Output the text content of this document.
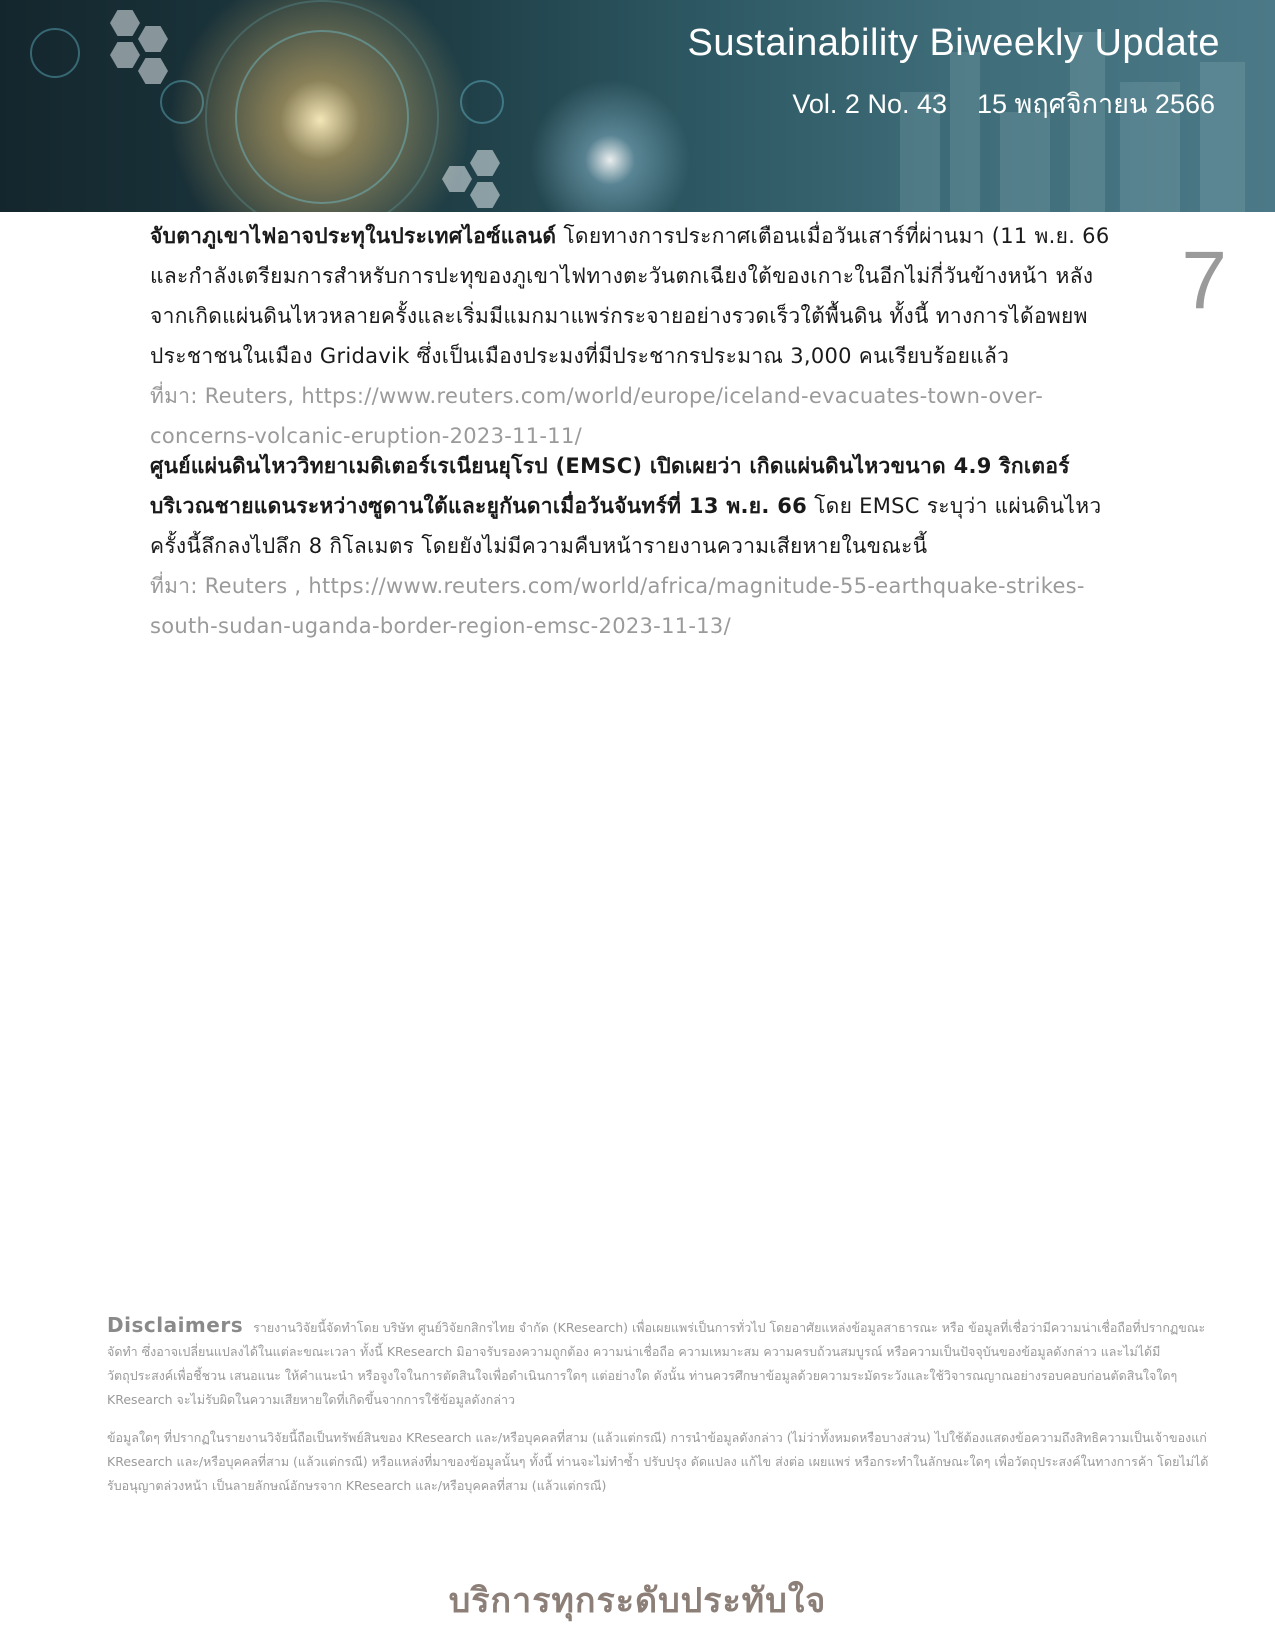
Sustainability Biweekly Update

Vol. 2 No. 43 15 พฤศจิกายน 2566

7

จับตาภูเขาไฟอาจประทุในประเทศไอซ์แลนด์ โดยทางการประกาศเตือนเมื่อวันเสาร์ที่ผ่านมา (11 พ.ย. 66 และกำลังเตรียมการสำหรับการปะทุของภูเขาไฟทางตะวันตกเฉียงใต้ของเกาะในอีกไม่กี่วันข้างหน้า หลังจากเกิดแผ่นดินไหวหลายครั้งและเริ่มมีแมกมาแพร่กระจายอย่างรวดเร็วใต้พื้นดิน ทั้งนี้ ทางการได้อพยพประชาชนในเมือง Gridavik ซึ่งเป็นเมืองประมงที่มีประชากรประมาณ 3,000 คนเรียบร้อยแล้ว

ที่มา: Reuters, https://www.reuters.com/world/europe/iceland-evacuates-town-over-concerns-volcanic-eruption-2023-11-11/

ศูนย์แผ่นดินไหววิทยาเมดิเตอร์เรเนียนยุโรป (EMSC) เปิดเผยว่า เกิดแผ่นดินไหวขนาด 4.9 ริกเตอร์บริเวณชายแดนระหว่างซูดานใต้และยูกันดาเมื่อวันจันทร์ที่ 13 พ.ย. 66 โดย EMSC ระบุว่า แผ่นดินไหวครั้งนี้ลึกลงไปลึก 8 กิโลเมตร โดยยังไม่มีความคืบหน้ารายงานความเสียหายในขณะนี้

ที่มา: Reuters , https://www.reuters.com/world/africa/magnitude-55-earthquake-strikes-south-sudan-uganda-border-region-emsc-2023-11-13/

Disclaimers รายงานวิจัยนี้จัดทำโดย บริษัท ศูนย์วิจัยกสิกรไทย จำกัด (KResearch) เพื่อเผยแพร่เป็นการทั่วไป โดยอาศัยแหล่งข้อมูลสาธารณะ หรือ ข้อมูลที่เชื่อว่ามีความน่าเชื่อถือที่ปรากฏขณะจัดทำ ซึ่งอาจเปลี่ยนแปลงได้ในแต่ละขณะเวลา ทั้งนี้ KResearch มิอาจรับรองความถูกต้อง ความน่าเชื่อถือ ความเหมาะสม ความครบถ้วนสมบูรณ์ หรือความเป็นปัจจุบันของข้อมูลดังกล่าว และไม่ได้มีวัตถุประสงค์เพื่อชี้ชวน เสนอแนะ ให้คำแนะนำ หรือจูงใจในการตัดสินใจเพื่อดำเนินการใดๆ แต่อย่างใด ดังนั้น ท่านควรศึกษาข้อมูลด้วยความระมัดระวังและใช้วิจารณญาณอย่างรอบคอบก่อนตัดสินใจใดๆ KResearch จะไม่รับผิดในความเสียหายใดที่เกิดขึ้นจากการใช้ข้อมูลดังกล่าว

ข้อมูลใดๆ ที่ปรากฏในรายงานวิจัยนี้ถือเป็นทรัพย์สินของ KResearch และ/หรือบุคคลที่สาม (แล้วแต่กรณี) การนำข้อมูลดังกล่าว (ไม่ว่าทั้งหมดหรือบางส่วน) ไปใช้ต้องแสดงข้อความถึงสิทธิความเป็นเจ้าของแก่ KResearch และ/หรือบุคคลที่สาม (แล้วแต่กรณี) หรือแหล่งที่มาของข้อมูลนั้นๆ ทั้งนี้ ท่านจะไม่ทำซ้ำ ปรับปรุง ดัดแปลง แก้ไข ส่งต่อ เผยแพร่ หรือกระทำในลักษณะใดๆ เพื่อวัตถุประสงค์ในทางการค้า โดยไม่ได้รับอนุญาตล่วงหน้า เป็นลายลักษณ์อักษรจาก KResearch และ/หรือบุคคลที่สาม (แล้วแต่กรณี)

บริการทุกระดับประทับใจ
